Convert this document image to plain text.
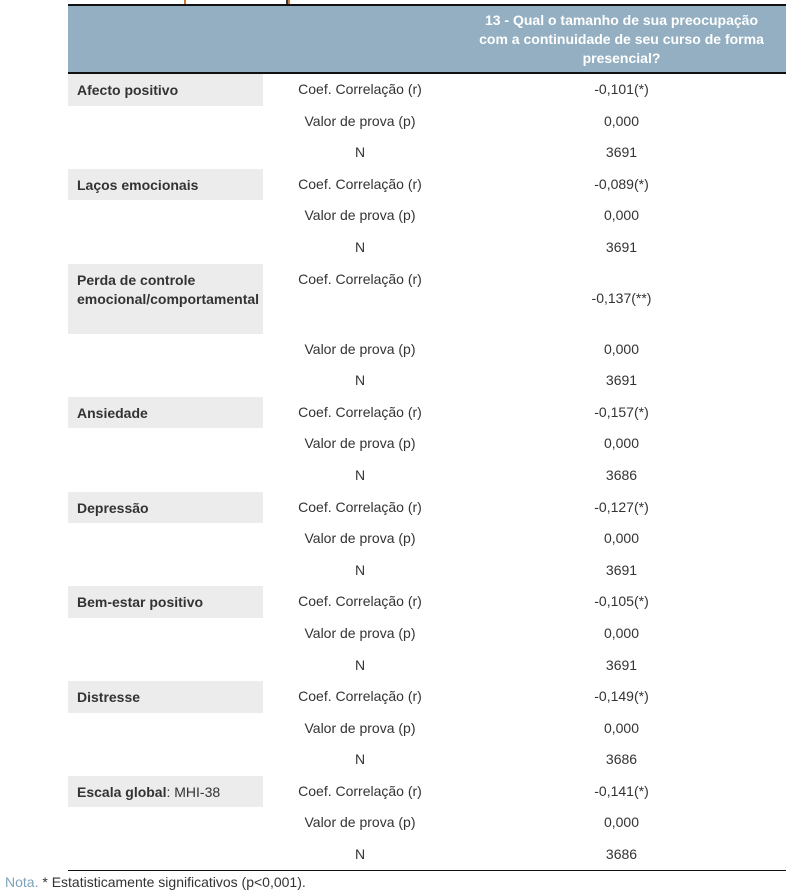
		13 - Qual o tamanho de sua preocupação com a continuidade de seu curso de forma presencial?
Afecto positivo	Coef. Correlação (r)	-0,101(*)
	Valor de prova (p)	0,000
	N	3691
Laços emocionais	Coef. Correlação (r)	-0,089(*)
	Valor de prova (p)	0,000
	N	3691
Perda de controle emocional/comportamental	Coef. Correlação (r)	-0,137(**)
	Valor de prova (p)	0,000
	N	3691
Ansiedade	Coef. Correlação (r)	-0,157(*)
	Valor de prova (p)	0,000
	N	3686
Depressão	Coef. Correlação (r)	-0,127(*)
	Valor de prova (p)	0,000
	N	3691
Bem-estar positivo	Coef. Correlação (r)	-0,105(*)
	Valor de prova (p)	0,000
	N	3691
Distresse	Coef. Correlação (r)	-0,149(*)
	Valor de prova (p)	0,000
	N	3686
Escala global: MHI-38	Coef. Correlação (r)	-0,141(*)
	Valor de prova (p)	0,000
	N	3686
Nota. * Estatisticamente significativos (p<0,001).
